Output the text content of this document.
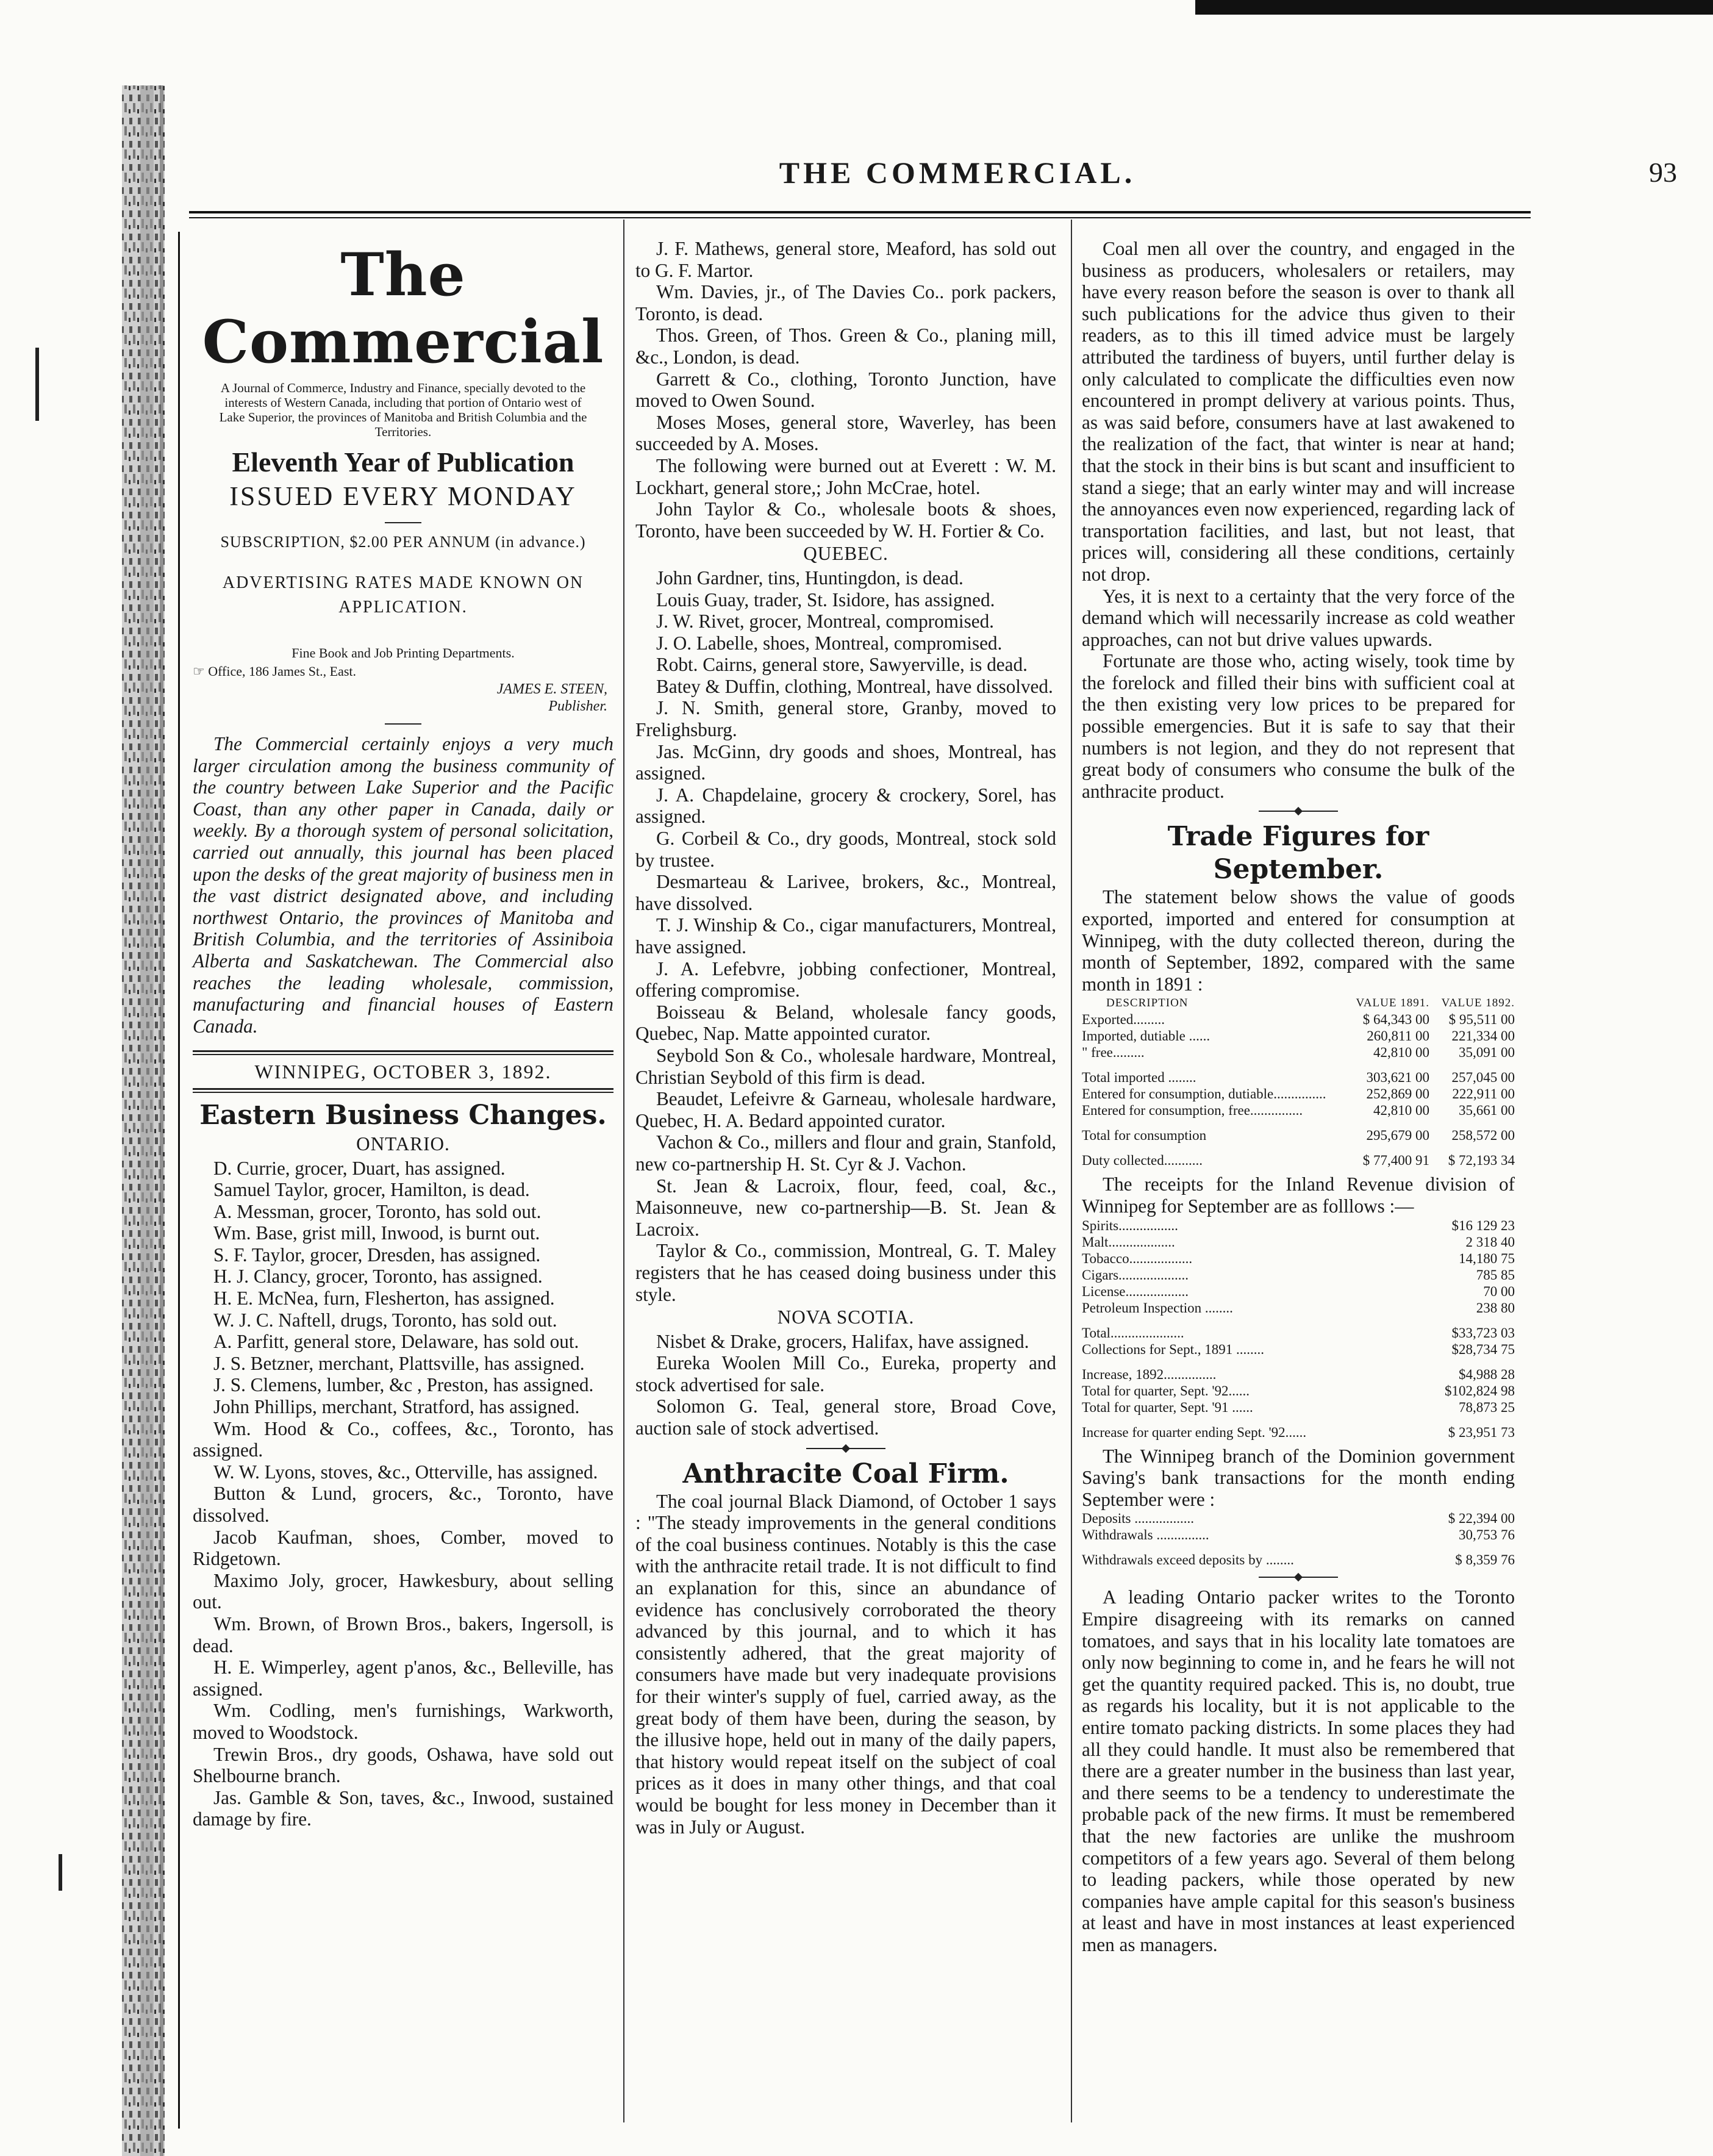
THE COMMERCIAL.	93
The Commercial

A Journal of Commerce, Industry and Finance, specially devoted to the interests of Western Canada, including that portion of Ontario west of Lake Superior, the provinces of Manitoba and British Columbia and the Territories.

Eleventh Year of Publication
ISSUED EVERY MONDAY
SUBSCRIPTION, $2.00 PER ANNUM (in advance.)
ADVERTISING RATES MADE KNOWN ON APPLICATION.
Fine Book and Job Printing Departments.
☞ Office, 186 James St., East.
JAMES E. STEEN,
Publisher.

The Commercial certainly enjoys a very much larger circulation among the business community of the country between Lake Superior and the Pacific Coast, than any other paper in Canada, daily or weekly. By a thorough system of personal solicitation, carried out annually, this journal has been placed upon the desks of the great majority of business men in the vast district designated above, and including northwest Ontario, the provinces of Manitoba and British Columbia, and the territories of Assiniboia Alberta and Saskatchewan. The Commercial also reaches the leading wholesale, commission, manufacturing and financial houses of Eastern Canada.

WINNIPEG, OCTOBER 3, 1892.
Eastern Business Changes.
ONTARIO.

D. Currie, grocer, Duart, has assigned.

Samuel Taylor, grocer, Hamilton, is dead.

A. Messman, grocer, Toronto, has sold out.

Wm. Base, grist mill, Inwood, is burnt out.

S. F. Taylor, grocer, Dresden, has assigned.

H. J. Clancy, grocer, Toronto, has assigned.

H. E. McNea, furn, Flesherton, has assigned.

W. J. C. Naftell, drugs, Toronto, has sold out.

A. Parfitt, general store, Delaware, has sold out.

J. S. Betzner, merchant, Plattsville, has assigned.

J. S. Clemens, lumber, &c , Preston, has assigned.

John Phillips, merchant, Stratford, has assigned.

Wm. Hood & Co., coffees, &c., Toronto, has assigned.

W. W. Lyons, stoves, &c., Otterville, has assigned.

Button & Lund, grocers, &c., Toronto, have dissolved.

Jacob Kaufman, shoes, Comber, moved to Ridgetown.

Maximo Joly, grocer, Hawkesbury, about selling out.

Wm. Brown, of Brown Bros., bakers, Ingersoll, is dead.

H. E. Wimperley, agent p'anos, &c., Belleville, has assigned.

Wm. Codling, men's furnishings, Warkworth, moved to Woodstock.

Trewin Bros., dry goods, Oshawa, have sold out Shelbourne branch.

Jas. Gamble & Son, taves, &c., Inwood, sustained damage by fire.

J. F. Mathews, general store, Meaford, has sold out to G. F. Martor.

Wm. Davies, jr., of The Davies Co.. pork packers, Toronto, is dead.

Thos. Green, of Thos. Green & Co., planing mill, &c., London, is dead.

Garrett & Co., clothing, Toronto Junction, have moved to Owen Sound.

Moses Moses, general store, Waverley, has been succeeded by A. Moses.

The following were burned out at Everett : W. M. Lockhart, general store,; John McCrae, hotel.

John Taylor & Co., wholesale boots & shoes, Toronto, have been succeeded by W. H. Fortier & Co.

QUEBEC.

John Gardner, tins, Huntingdon, is dead.

Louis Guay, trader, St. Isidore, has assigned.

J. W. Rivet, grocer, Montreal, compromised.

J. O. Labelle, shoes, Montreal, compromised.

Robt. Cairns, general store, Sawyerville, is dead.

Batey & Duffin, clothing, Montreal, have dissolved.

J. N. Smith, general store, Granby, moved to Frelighsburg.

Jas. McGinn, dry goods and shoes, Montreal, has assigned.

J. A. Chapdelaine, grocery & crockery, Sorel, has assigned.

G. Corbeil & Co., dry goods, Montreal, stock sold by trustee.

Desmarteau & Larivee, brokers, &c., Montreal, have dissolved.

T. J. Winship & Co., cigar manufacturers, Montreal, have assigned.

J. A. Lefebvre, jobbing confectioner, Montreal, offering compromise.

Boisseau & Beland, wholesale fancy goods, Quebec, Nap. Matte appointed curator.

Seybold Son & Co., wholesale hardware, Montreal, Christian Seybold of this firm is dead.

Beaudet, Lefeivre & Garneau, wholesale hardware, Quebec, H. A. Bedard appointed curator.

Vachon & Co., millers and flour and grain, Stanfold, new co-partnership H. St. Cyr & J. Vachon.

St. Jean & Lacroix, flour, feed, coal, &c., Maisonneuve, new co-partnership—B. St. Jean & Lacroix.

Taylor & Co., commission, Montreal, G. T. Maley registers that he has ceased doing business under this style.

NOVA SCOTIA.

Nisbet & Drake, grocers, Halifax, have assigned.

Eureka Woolen Mill Co., Eureka, property and stock advertised for sale.

Solomon G. Teal, general store, Broad Cove, auction sale of stock advertised.

Anthracite Coal Firm.

The coal journal Black Diamond, of October 1 says : "The steady improvements in the general conditions of the coal business continues. Notably is this the case with the anthracite retail trade. It is not difficult to find an explanation for this, since an abundance of evidence has conclusively corroborated the theory advanced by this journal, and to which it has consistently adhered, that the great majority of consumers have made but very inadequate provisions for their winter's supply of fuel, carried away, as the great body of them have been, during the season, by the illusive hope, held out in many of the daily papers, that history would repeat itself on the subject of coal prices as it does in many other things, and that coal would be bought for less money in December than it was in July or August.

Coal men all over the country, and engaged in the business as producers, wholesalers or retailers, may have every reason before the season is over to thank all such publications for the advice thus given to their readers, as to this ill timed advice must be largely attributed the tardiness of buyers, until further delay is only calculated to complicate the difficulties even now encountered in prompt delivery at various points. Thus, as was said before, consumers have at last awakened to the realization of the fact, that winter is near at hand; that the stock in their bins is but scant and insufficient to stand a siege; that an early winter may and will increase the annoyances even now experienced, regarding lack of transportation facilities, and last, but not least, that prices will, considering all these conditions, certainly not drop.

Yes, it is next to a certainty that the very force of the demand which will necessarily increase as cold weather approaches, can not but drive values upwards.

Fortunate are those who, acting wisely, took time by the forelock and filled their bins with sufficient coal at the then existing very low prices to be prepared for possible emergencies. But it is safe to say that their numbers is not legion, and they do not represent that great body of consumers who consume the bulk of the anthracite product.

Trade Figures for September.

The statement below shows the value of goods exported, imported and entered for consumption at Winnipeg, with the duty collected thereon, during the month of September, 1892, compared with the same month in 1891 :

DESCRIPTION	VALUE 1891.	VALUE 1892.
Exported.........	$ 64,343 00	$ 95,511 00
Imported, dutiable ......	260,811 00	221,334 00
" free.........	42,810 00	35,091 00
Total imported ........	303,621 00	257,045 00
Entered for consumption, dutiable...............	252,869 00	222,911 00
Entered for consumption, free...............	42,810 00	35,661 00
Total for consumption	295,679 00	258,572 00
Duty collected...........	$ 77,400 91	$ 72,193 34

The receipts for the Inland Revenue division of Winnipeg for September are as folllows :—

Spirits.................	$16 129 23
Malt...................	2 318 40
Tobacco..................	14,180 75
Cigars....................	785 85
License..................	70 00
Petroleum Inspection ........	238 80
Total.....................	$33,723 03
Collections for Sept., 1891 ........	$28,734 75
Increase, 1892...............	$4,988 28
Total for quarter, Sept. '92......	$102,824 98
Total for quarter, Sept. '91 ......	78,873 25
Increase for quarter ending Sept. '92......	$ 23,951 73

The Winnipeg branch of the Dominion government Saving's bank transactions for the month ending September were :

Deposits .................	$ 22,394 00
Withdrawals ...............	30,753 76
Withdrawals exceed deposits by ........	$ 8,359 76

A leading Ontario packer writes to the Toronto Empire disagreeing with its remarks on canned tomatoes, and says that in his locality late tomatoes are only now beginning to come in, and he fears he will not get the quantity required packed. This is, no doubt, true as regards his locality, but it is not applicable to the entire tomato packing districts. In some places they had all they could handle. It must also be remembered that there are a greater number in the business than last year, and there seems to be a tendency to underestimate the probable pack of the new firms. It must be remembered that the new factories are unlike the mushroom competitors of a few years ago. Several of them belong to leading packers, while those operated by new companies have ample capital for this season's business at least and have in most instances at least experienced men as managers.
